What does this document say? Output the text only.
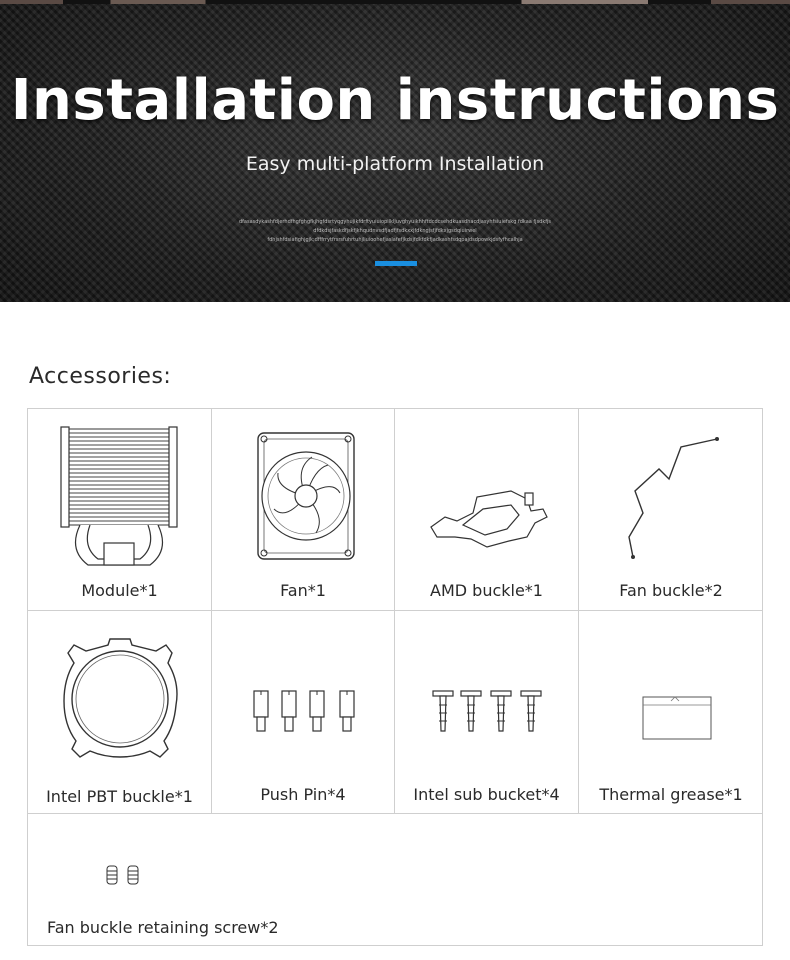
Installation instructions
Easy multi-platform Installation
dfasasdykashfdjerhdfhgfghgfkjhgfdsrtyqgyhujikfdrftyuiuiopilkljuvghyuikhhftdcdcsehdkuasdhacdjasyhfsiuiefskg fdkaa fjsdkfjs
dfdkdsjfaskdfjskfjkhqudnvsdfjadfjfsdkxxjfdkngjsfjfdkxjgsdqiuirwel
fdhjshfdsiafighjgjk;dfffrrytfrsrsfuhrtuhjliuioohefjaslafefjkdsjfdkfdkfjadkashfsdqpajdsdpowkjdsfyfhcalhja
Accessories:
Module*1	Fan*1	AMD buckle*1	Fan buckle*2
Intel PBT buckle*1	Push Pin*4	Intel sub bucket*4	Thermal grease*1
Fan buckle retaining screw*2
